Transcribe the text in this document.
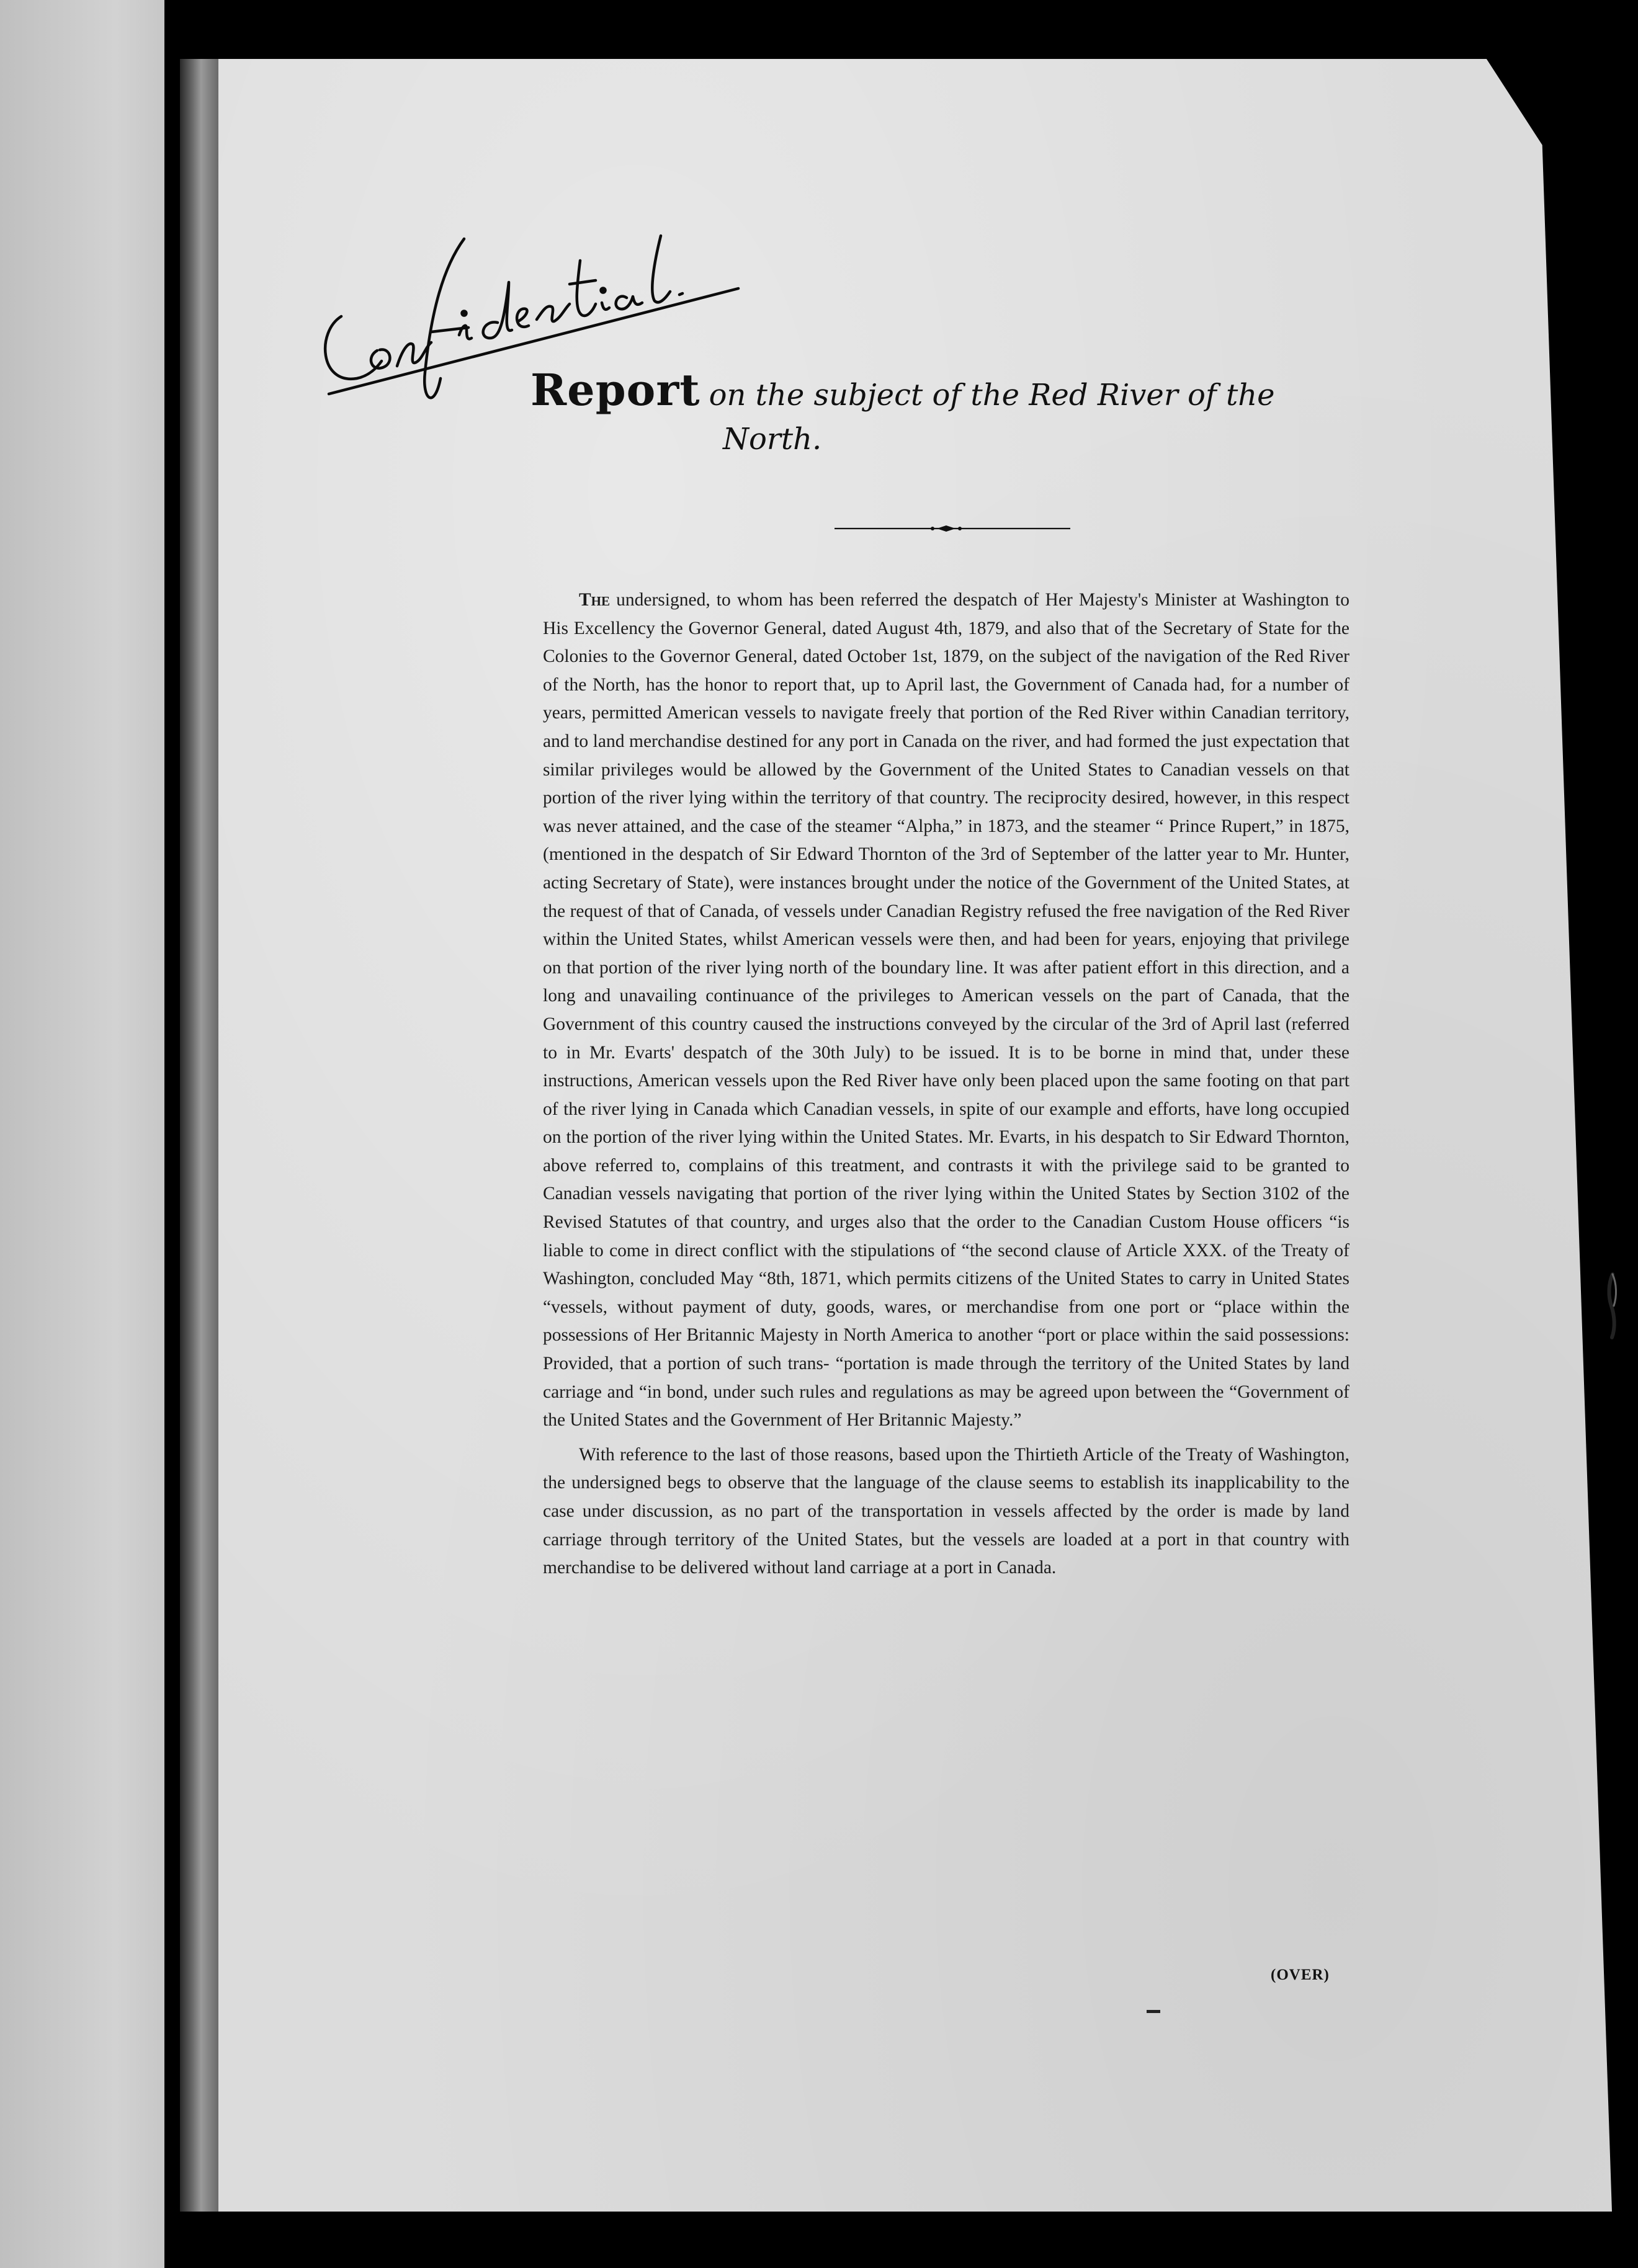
Report on the subject of the Red River of the

North.

The undersigned, to whom has been referred the despatch of Her Majesty's Minister at Washington to His Excellency the Governor General, dated August 4th, 1879, and also that of the Secretary of State for the Colonies to the Governor General, dated October 1st, 1879, on the subject of the navigation of the Red River of the North, has the honor to report that, up to April last, the Government of Canada had, for a number of years, permitted American vessels to navigate freely that portion of the Red River within Canadian territory, and to land merchandise destined for any port in Canada on the river, and had formed the just expectation that similar privileges would be allowed by the Government of the United States to Canadian vessels on that portion of the river lying within the territory of that country. The reciprocity desired, however, in this respect was never attained, and the case of the steamer “Alpha,” in 1873, and the steamer “ Prince Rupert,” in 1875, (mentioned in the despatch of Sir Edward Thornton of the 3rd of September of the latter year to Mr. Hunter, acting Secretary of State), were instances brought under the notice of the Government of the United States, at the request of that of Canada, of vessels under Canadian Registry refused the free navigation of the Red River within the United States, whilst American vessels were then, and had been for years, enjoying that privilege on that portion of the river lying north of the boundary line. It was after patient effort in this direction, and a long and unavailing continuance of the privileges to American vessels on the part of Canada, that the Government of this country caused the instructions conveyed by the circular of the 3rd of April last (referred to in Mr. Evarts' despatch of the 30th July) to be issued. It is to be borne in mind that, under these instructions, American vessels upon the Red River have only been placed upon the same footing on that part of the river lying in Canada which Canadian vessels, in spite of our example and efforts, have long occupied on the portion of the river lying within the United States. Mr. Evarts, in his despatch to Sir Edward Thornton, above referred to, complains of this treatment, and contrasts it with the privilege said to be granted to Canadian vessels navigating that portion of the river lying within the United States by Section 3102 of the Revised Statutes of that country, and urges also that the order to the Canadian Custom House officers “is liable to come in direct conflict with the stipulations of “the second clause of Article XXX. of the Treaty of Washington, concluded May “8th, 1871, which permits citizens of the United States to carry in United States “vessels, without payment of duty, goods, wares, or merchandise from one port or “place within the possessions of Her Britannic Majesty in North America to another “port or place within the said possessions: Provided, that a portion of such trans- “portation is made through the territory of the United States by land carriage and “in bond, under such rules and regulations as may be agreed upon between the “Government of the United States and the Government of Her Britannic Majesty.”

With reference to the last of those reasons, based upon the Thirtieth Article of the Treaty of Washington, the undersigned begs to observe that the language of the clause seems to establish its inapplicability to the case under discussion, as no part of the transportation in vessels affected by the order is made by land carriage through territory of the United States, but the vessels are loaded at a port in that country with merchandise to be delivered without land carriage at a port in Canada.

(OVER)
